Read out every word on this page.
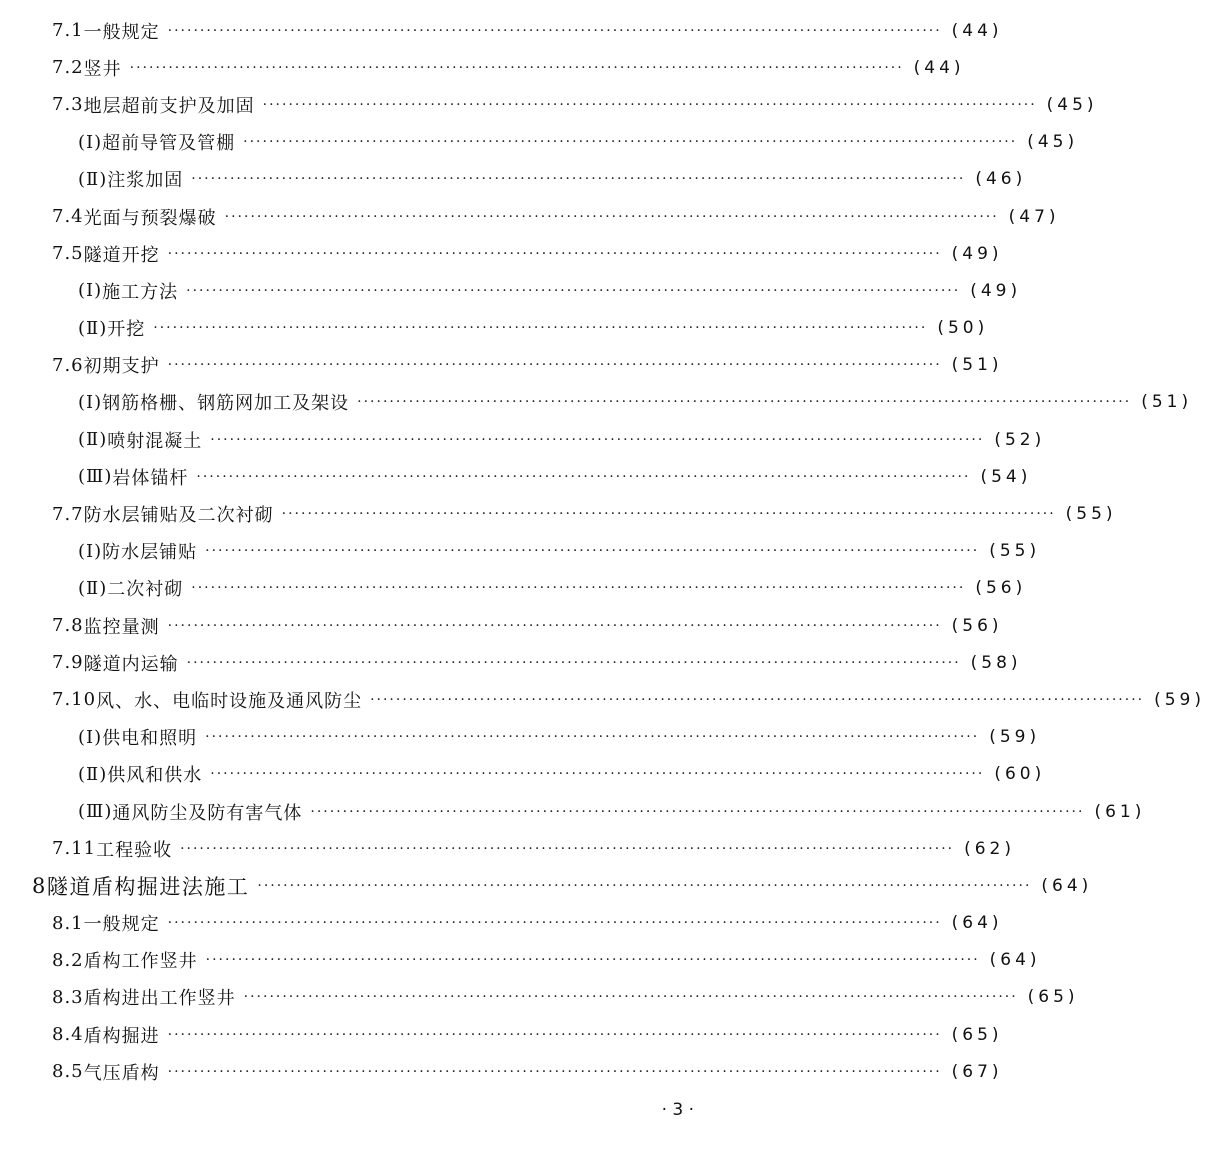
7.1 一般规定 ························································································································ (44)
7.2 竖井 ························································································································ (44)
7.3 地层超前支护及加固 ························································································································ (45)
(Ⅰ) 超前导管及管棚 ························································································································ (45)
(Ⅱ) 注浆加固 ························································································································ (46)
7.4 光面与预裂爆破 ························································································································ (47)
7.5 隧道开挖 ························································································································ (49)
(Ⅰ) 施工方法 ························································································································ (49)
(Ⅱ) 开挖 ························································································································ (50)
7.6 初期支护 ························································································································ (51)
(Ⅰ) 钢筋格栅、钢筋网加工及架设 ························································································································ (51)
(Ⅱ) 喷射混凝土 ························································································································ (52)
(Ⅲ) 岩体锚杆 ························································································································ (54)
7.7 防水层铺贴及二次衬砌 ························································································································ (55)
(Ⅰ) 防水层铺贴 ························································································································ (55)
(Ⅱ) 二次衬砌 ························································································································ (56)
7.8 监控量测 ························································································································ (56)
7.9 隧道内运输 ························································································································ (58)
7.10 风、水、电临时设施及通风防尘 ························································································································ (59)
(Ⅰ) 供电和照明 ························································································································ (59)
(Ⅱ) 供风和供水 ························································································································ (60)
(Ⅲ) 通风防尘及防有害气体 ························································································································ (61)
7.11 工程验收 ························································································································ (62)
8 隧道盾构掘进法施工 ························································································································ (64)
8.1 一般规定 ························································································································ (64)
8.2 盾构工作竖井 ························································································································ (64)
8.3 盾构进出工作竖井 ························································································································ (65)
8.4 盾构掘进 ························································································································ (65)
8.5 气压盾构 ························································································································ (67)
· 3 ·
